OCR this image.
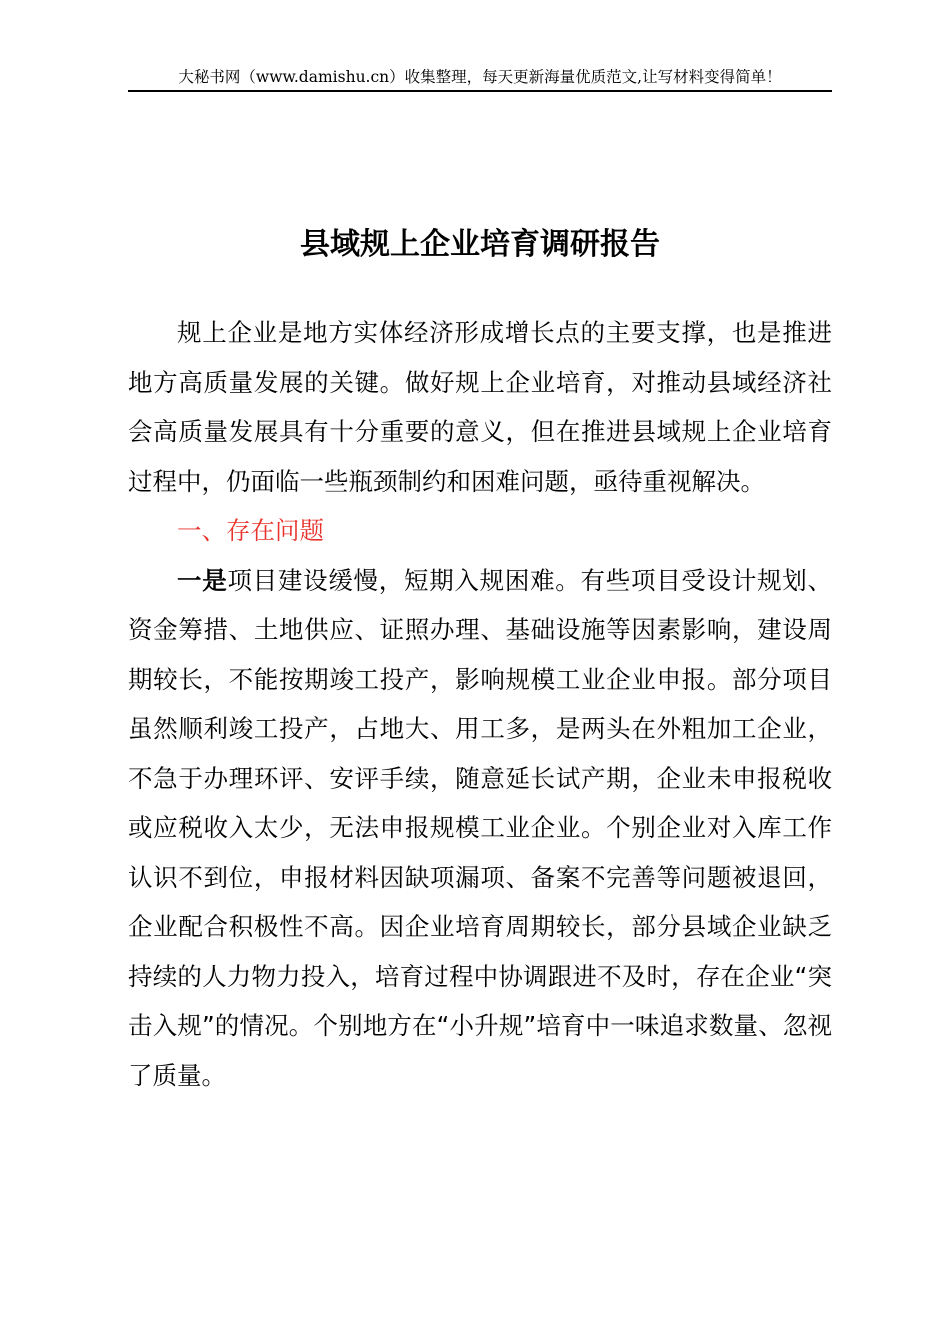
大秘书网（www.damishu.cn）收集整理，每天更新海量优质范文,让写材料变得简单！
县域规上企业培育调研报告

规上企业是地方实体经济形成增长点的主要支撑，也是推进地方高质量发展的关键。做好规上企业培育，对推动县域经济社会高质量发展具有十分重要的意义，但在推进县域规上企业培育过程中，仍面临一些瓶颈制约和困难问题，亟待重视解决。

一、存在问题

一是项目建设缓慢，短期入规困难。有些项目受设计规划、资金筹措、土地供应、证照办理、基础设施等因素影响，建设周期较长，不能按期竣工投产，影响规模工业企业申报。部分项目虽然顺利竣工投产，占地大、用工多，是两头在外粗加工企业，不急于办理环评、安评手续，随意延长试产期，企业未申报税收或应税收入太少，无法申报规模工业企业。个别企业对入库工作认识不到位，申报材料因缺项漏项、备案不完善等问题被退回，企业配合积极性不高。因企业培育周期较长，部分县域企业缺乏持续的人力物力投入，培育过程中协调跟进不及时，存在企业“突击入规”的情况。个别地方在“小升规”培育中一味追求数量、忽视了质量。
